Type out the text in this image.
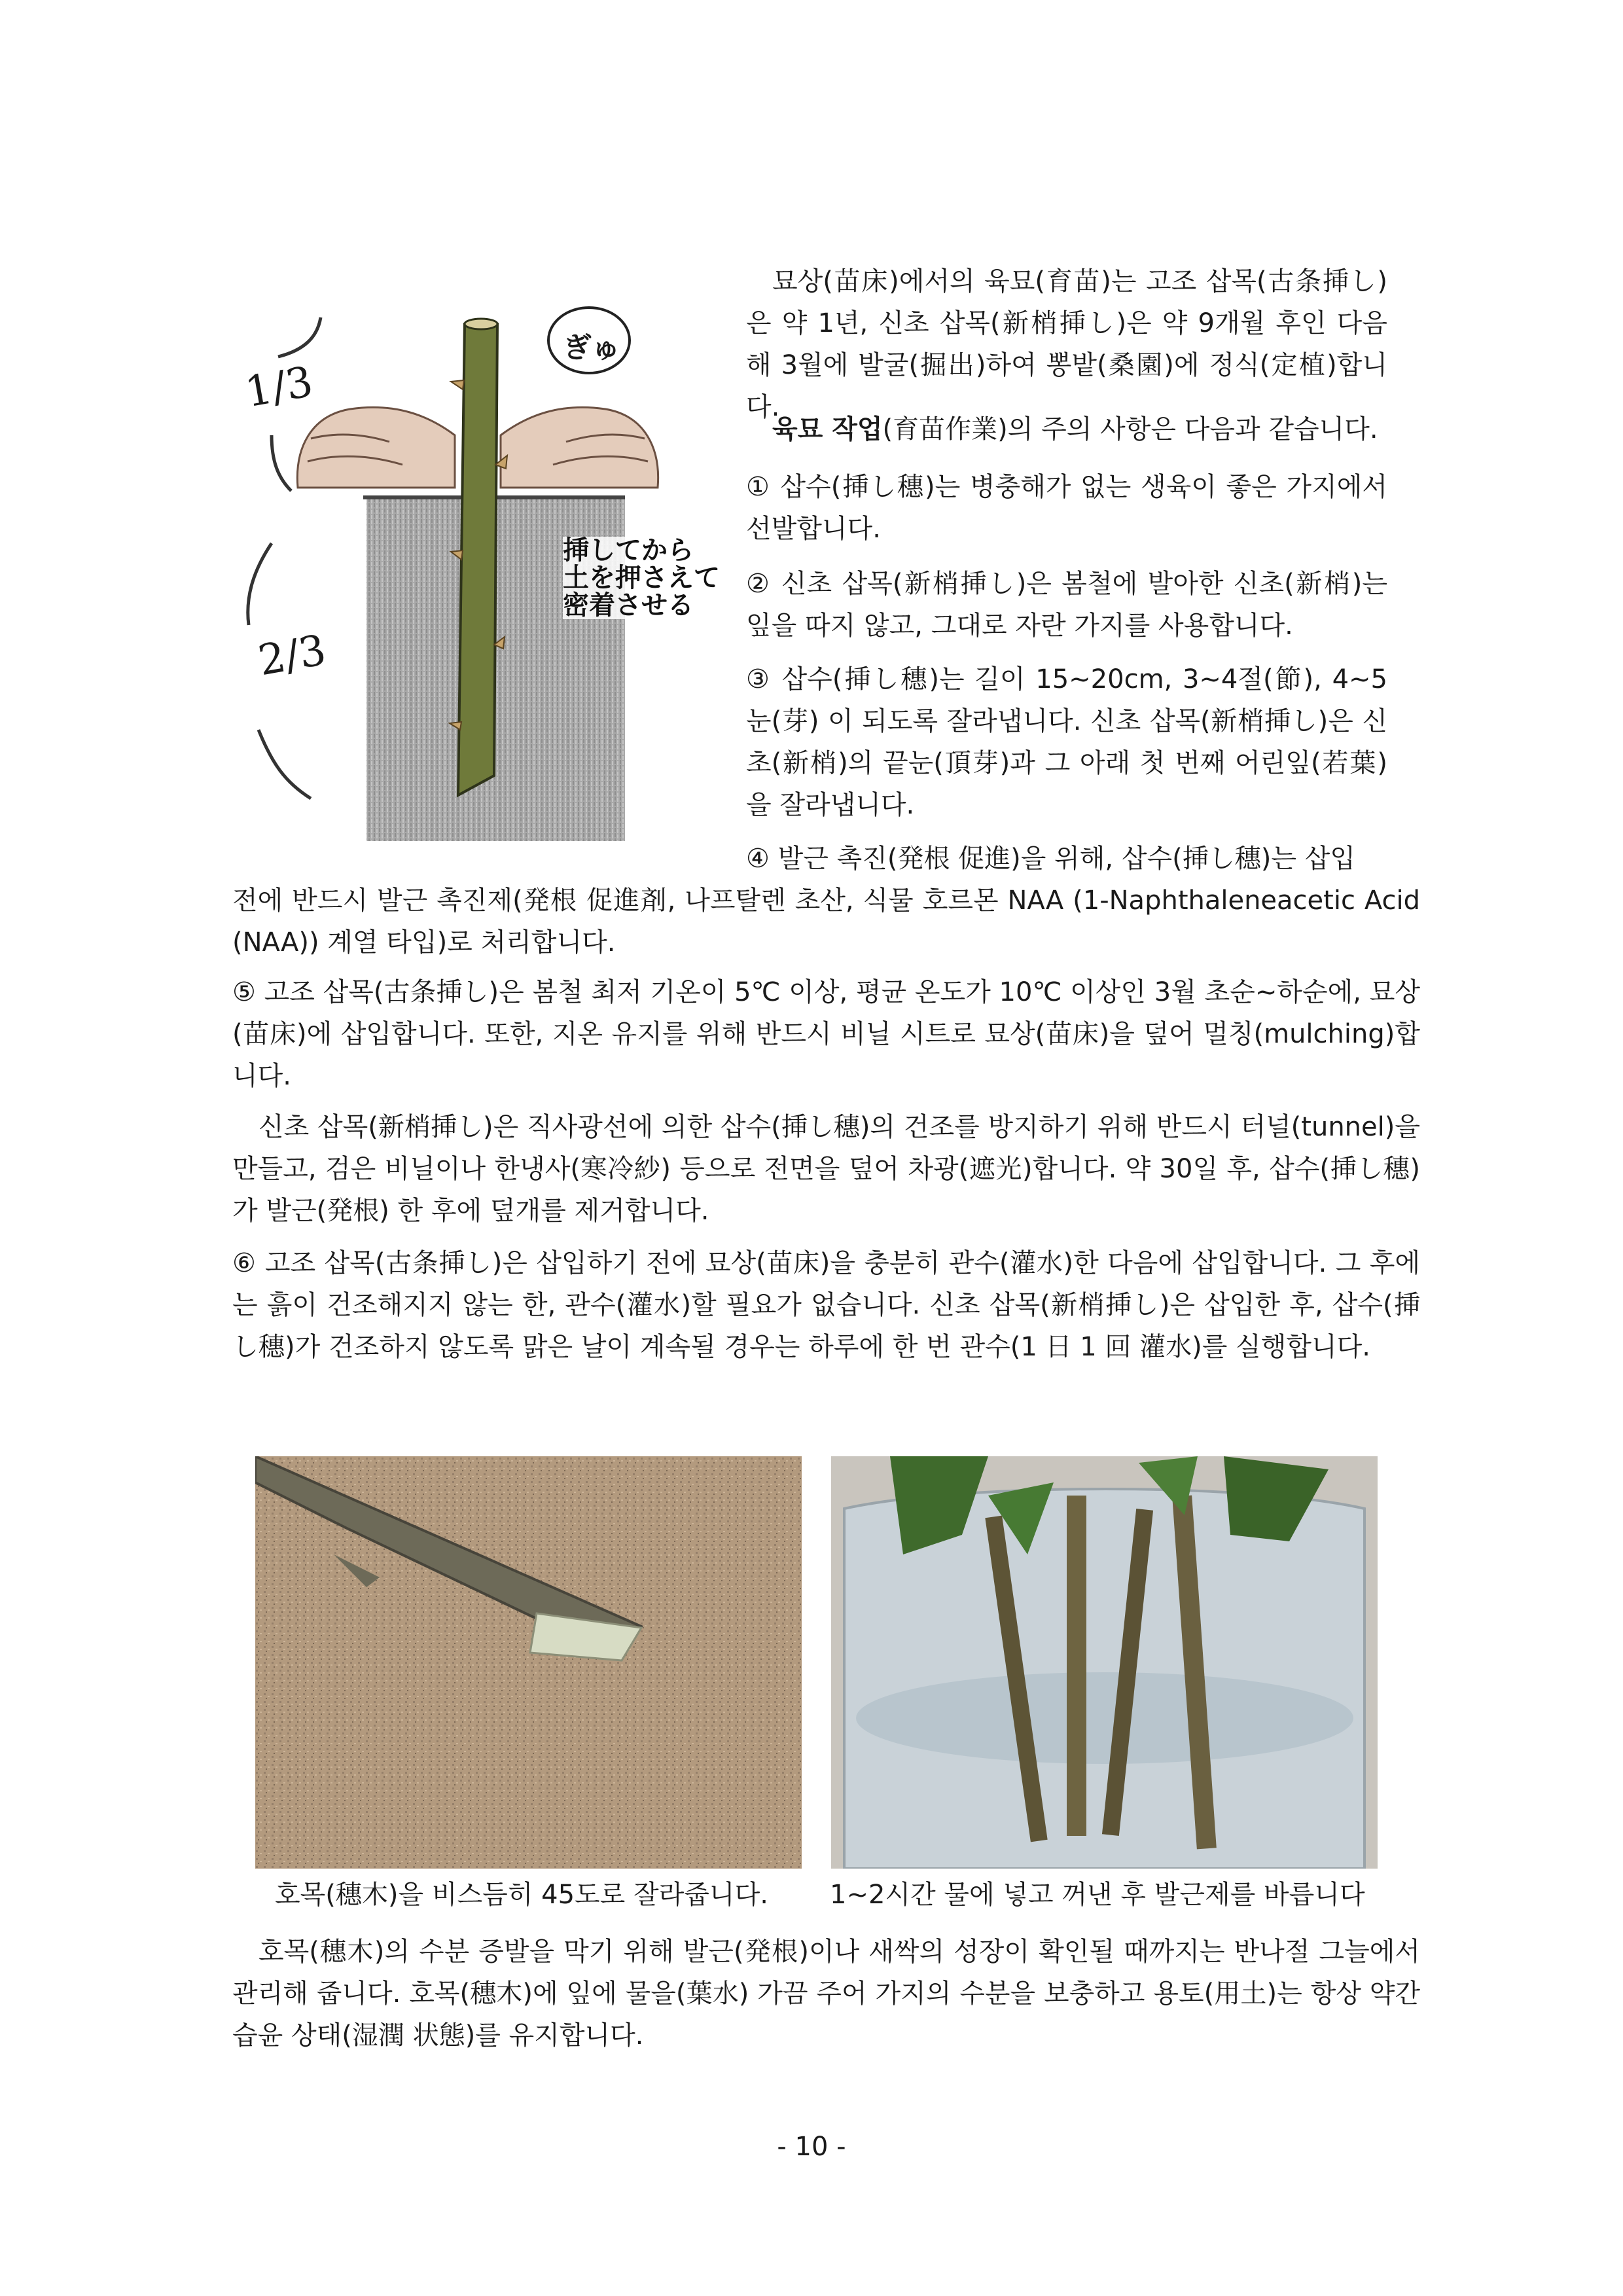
묘상(苗床)에서의 육묘(育苗)는 고조 삽목(古条挿し)은 약 1년, 신초 삽목(新梢挿し)은 약 9개월 후인 다음 해 3월에 발굴(掘出)하여 뽕밭(桑園)에 정식(定植)합니다.

육묘 작업(育苗作業)의 주의 사항은 다음과 같습니다.

① 삽수(挿し穗)는 병충해가 없는 생육이 좋은 가지에서 선발합니다.

② 신초 삽목(新梢挿し)은 봄철에 발아한 신초(新梢)는 잎을 따지 않고, 그대로 자란 가지를 사용합니다.

③ 삽수(挿し穗)는 길이 15~20cm, 3~4절(節), 4~5눈(芽) 이 되도록 잘라냅니다. 신초 삽목(新梢挿し)은 신초(新梢)의 끝눈(頂芽)과 그 아래 첫 번째 어린잎(若葉)을 잘라냅니다.

④ 발근 촉진(発根 促進)을 위해, 삽수(挿し穗)는 삽입

전에 반드시 발근 촉진제(発根 促進剤, 나프탈렌 초산, 식물 호르몬 NAA (1-Naphthaleneacetic Acid (NAA)) 계열 타입)로 처리합니다.

⑤ 고조 삽목(古条挿し)은 봄철 최저 기온이 5℃ 이상, 평균 온도가 10℃ 이상인 3월 초순~하순에, 묘상(苗床)에 삽입합니다. 또한, 지온 유지를 위해 반드시 비닐 시트로 묘상(苗床)을 덮어 멀칭(mulching)합니다.

신초 삽목(新梢挿し)은 직사광선에 의한 삽수(挿し穗)의 건조를 방지하기 위해 반드시 터널(tunnel)을 만들고, 검은 비닐이나 한냉사(寒冷紗) 등으로 전면을 덮어 차광(遮光)합니다. 약 30일 후, 삽수(挿し穗)가 발근(発根) 한 후에 덮개를 제거합니다.

⑥ 고조 삽목(古条挿し)은 삽입하기 전에 묘상(苗床)을 충분히 관수(灌水)한 다음에 삽입합니다. 그 후에는 흙이 건조해지지 않는 한, 관수(灌水)할 필요가 없습니다. 신초 삽목(新梢挿し)은 삽입한 후, 삽수(挿し穗)가 건조하지 않도록 맑은 날이 계속될 경우는 하루에 한 번 관수(1 日 1 回 灌水)를 실행합니다.

1/3
2/3
ぎゅ
挿してから
土を押さえて
密着させる
호목(穗木)을 비스듬히 45도로 잘라줍니다. 1~2시간 물에 넣고 꺼낸 후 발근제를 바릅니다

호목(穗木)의 수분 증발을 막기 위해 발근(発根)이나 새싹의 성장이 확인될 때까지는 반나절 그늘에서 관리해 줍니다. 호목(穗木)에 잎에 물을(葉水) 가끔 주어 가지의 수분을 보충하고 용토(用土)는 항상 약간 습윤 상태(湿潤 状態)를 유지합니다.

- 10 -
